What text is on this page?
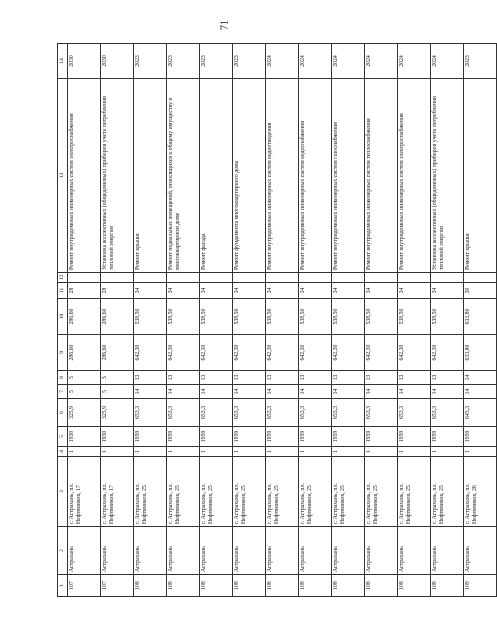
71
1	2	3	4	5	6	7	8	9	10	11	12	13	14
107	Астрахань	г. Астрахань, пл. Нефтяников, 17	1	1930	325,9	5	5	286,60	286,60	28		Ремонт внутридомовых инженерных систем электроснабжения	2030
107	Астрахань	г. Астрахань, пл. Нефтяников, 17	1	1930	325,9	5	5	286,60	286,60	28		Установка коллективных (общедомовых) приборов учета потребления тепловой энергии	2030
108	Астрахань	г. Астрахань, пл. Нефтяников, 25	1	1959	653,3	14	13	642,30	538,50	34		Ремонт крыши	2023
108	Астрахань	г. Астрахань, пл. Нефтяников, 25	1	1959	653,3	14	13	642,30	538,50	34		Ремонт подвальных помещений, относящихся к общему имуществу в многоквартирном доме	2023
108	Астрахань	г. Астрахань, пл. Нефтяников, 25	1	1959	653,3	14	13	642,30	538,50	34		Ремонт фасада	2023
108	Астрахань	г. Астрахань, пл. Нефтяников, 25	1	1959	653,3	14	13	642,30	538,50	34		Ремонт фундамента многоквартирного дома	2023
108	Астрахань	г. Астрахань, пл. Нефтяников, 25	1	1959	653,3	14	13	642,30	538,50	34		Ремонт внутридомовых инженерных систем водоотведения	2024
108	Астрахань	г. Астрахань, пл. Нефтяников, 25	1	1959	653,3	14	13	642,30	538,50	34		Ремонт внутридомовых инженерных систем водоснабжения	2024
108	Астрахань	г. Астрахань, пл. Нефтяников, 25	1	1959	653,3	14	13	642,30	538,50	34		Ремонт внутридомовых инженерных систем газоснабжения	2024
108	Астрахань	г. Астрахань, пл. Нефтяников, 25	1	1959	653,3	14	13	642,30	538,50	34		Ремонт внутридомовых инженерных систем теплоснабжения	2024
108	Астрахань	г. Астрахань, пл. Нефтяников, 25	1	1959	653,3	14	13	642,30	538,50	34		Ремонт внутридомовых инженерных систем электроснабжения	2024
108	Астрахань	г. Астрахань, пл. Нефтяников, 25	1	1959	653,3	14	13	642,30	538,50	34		Установка коллективных (общедомовых) приборов учета потребления тепловой энергии	2024
109	Астрахань	г. Астрахань, пл. Нефтяников, 26	1	1959	645,3	14	14	633,80	633,80	30		Ремонт крыши	2023
